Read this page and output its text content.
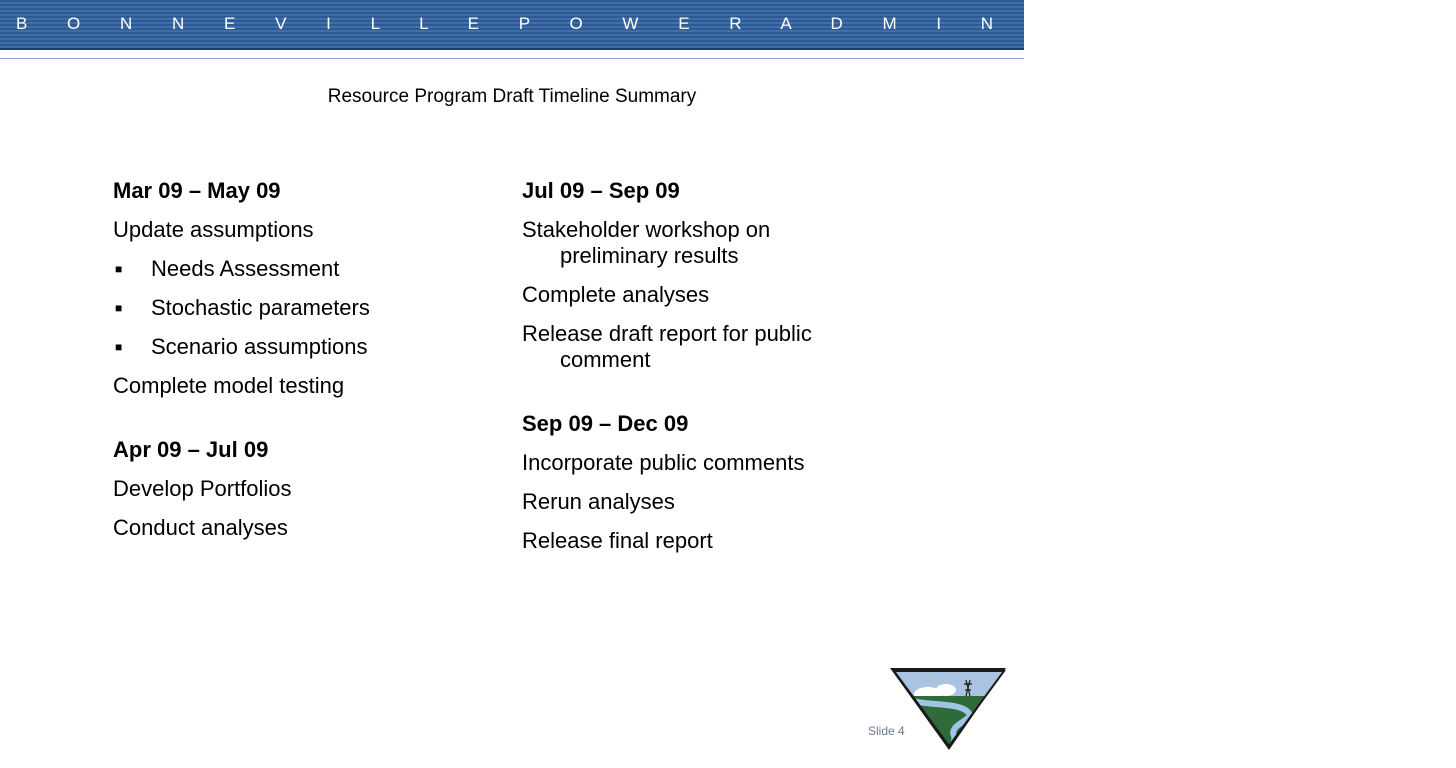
B O N N E V I L L E P O W E R A D M I N I S T R A T I O N
Resource Program Draft Timeline Summary
Mar 09 – May 09
Update assumptions
■	Needs Assessment
■	Stochastic parameters
■	Scenario assumptions
Complete model testing
Apr 09 – Jul 09
Develop Portfolios
Conduct analyses
Jul 09 – Sep 09
Stakeholder workshop on preliminary results
Complete analyses
Release draft report for public comment
Sep 09 – Dec 09
Incorporate public comments
Rerun analyses
Release final report
Slide 4
